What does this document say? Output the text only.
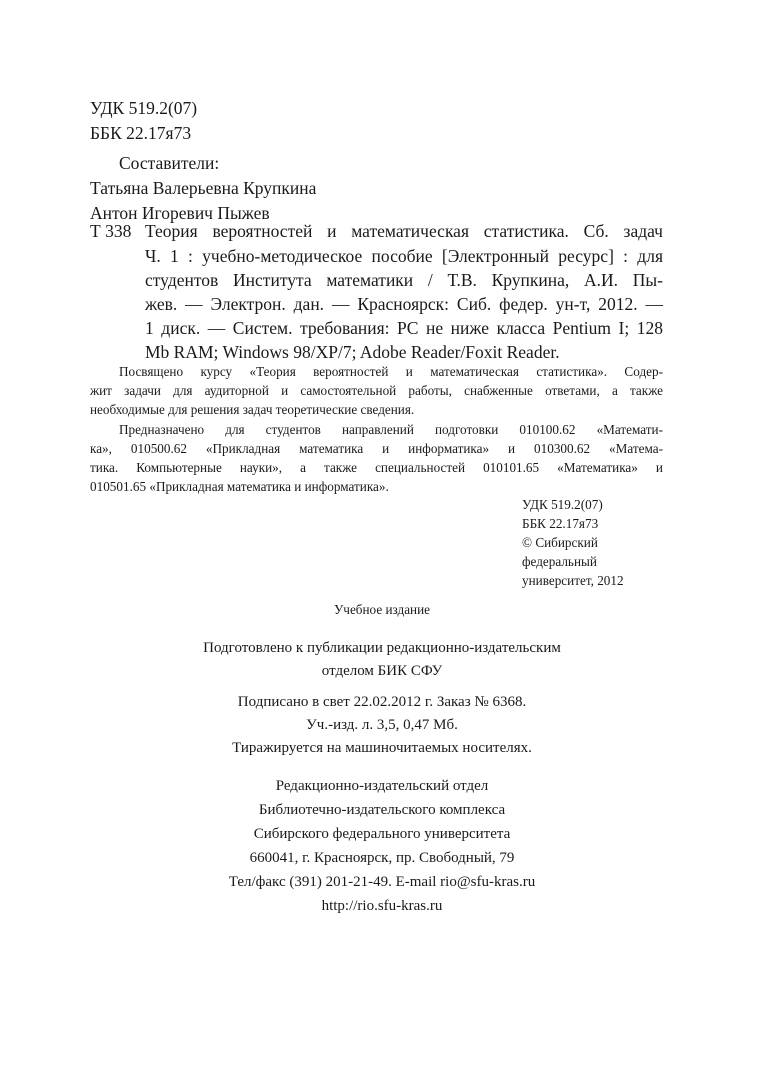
УДК 519.2(07)
ББК 22.17я73
Составители:
Татьяна Валерьевна Крупкина
Антон Игоревич Пыжев
Т 338 Теория вероятностей и математическая статистика. Сб. задач
Ч. 1 : учебно-методическое пособие [Электронный ресурс] : для
студентов Института математики / Т.В. Крупкина, А.И. Пы-
жев. — Электрон. дан. — Красноярск: Сиб. федер. ун-т, 2012. —
1 диск. — Систем. требования: PC не ниже класса Pentium I; 128
Mb RAM; Windows 98/XP/7; Adobe Reader/Foxit Reader.
Посвящено курсу «Теория вероятностей и математическая статистика». Содер-
жит задачи для аудиторной и самостоятельной работы, снабженные ответами, а также
необходимые для решения задач теоретические сведения.
Предназначено для студентов направлений подготовки 010100.62 «Математи-
ка», 010500.62 «Прикладная математика и информатика» и 010300.62 «Матема-
тика. Компьютерные науки», а также специальностей 010101.65 «Математика» и
010501.65 «Прикладная математика и информатика».
УДК 519.2(07)
ББК 22.17я73
© Сибирский
федеральный
университет, 2012
Учебное издание
Подготовлено к публикации редакционно-издательским
отделом БИК СФУ
Подписано в свет 22.02.2012 г. Заказ № 6368.
Уч.-изд. л. 3,5, 0,47 Мб.
Тиражируется на машиночитаемых носителях.
Редакционно-издательский отдел
Библиотечно-издательского комплекса
Сибирского федерального университета
660041, г. Красноярск, пр. Свободный, 79
Тел/факс (391) 201-21-49. E-mail rio@sfu-kras.ru
http://rio.sfu-kras.ru
